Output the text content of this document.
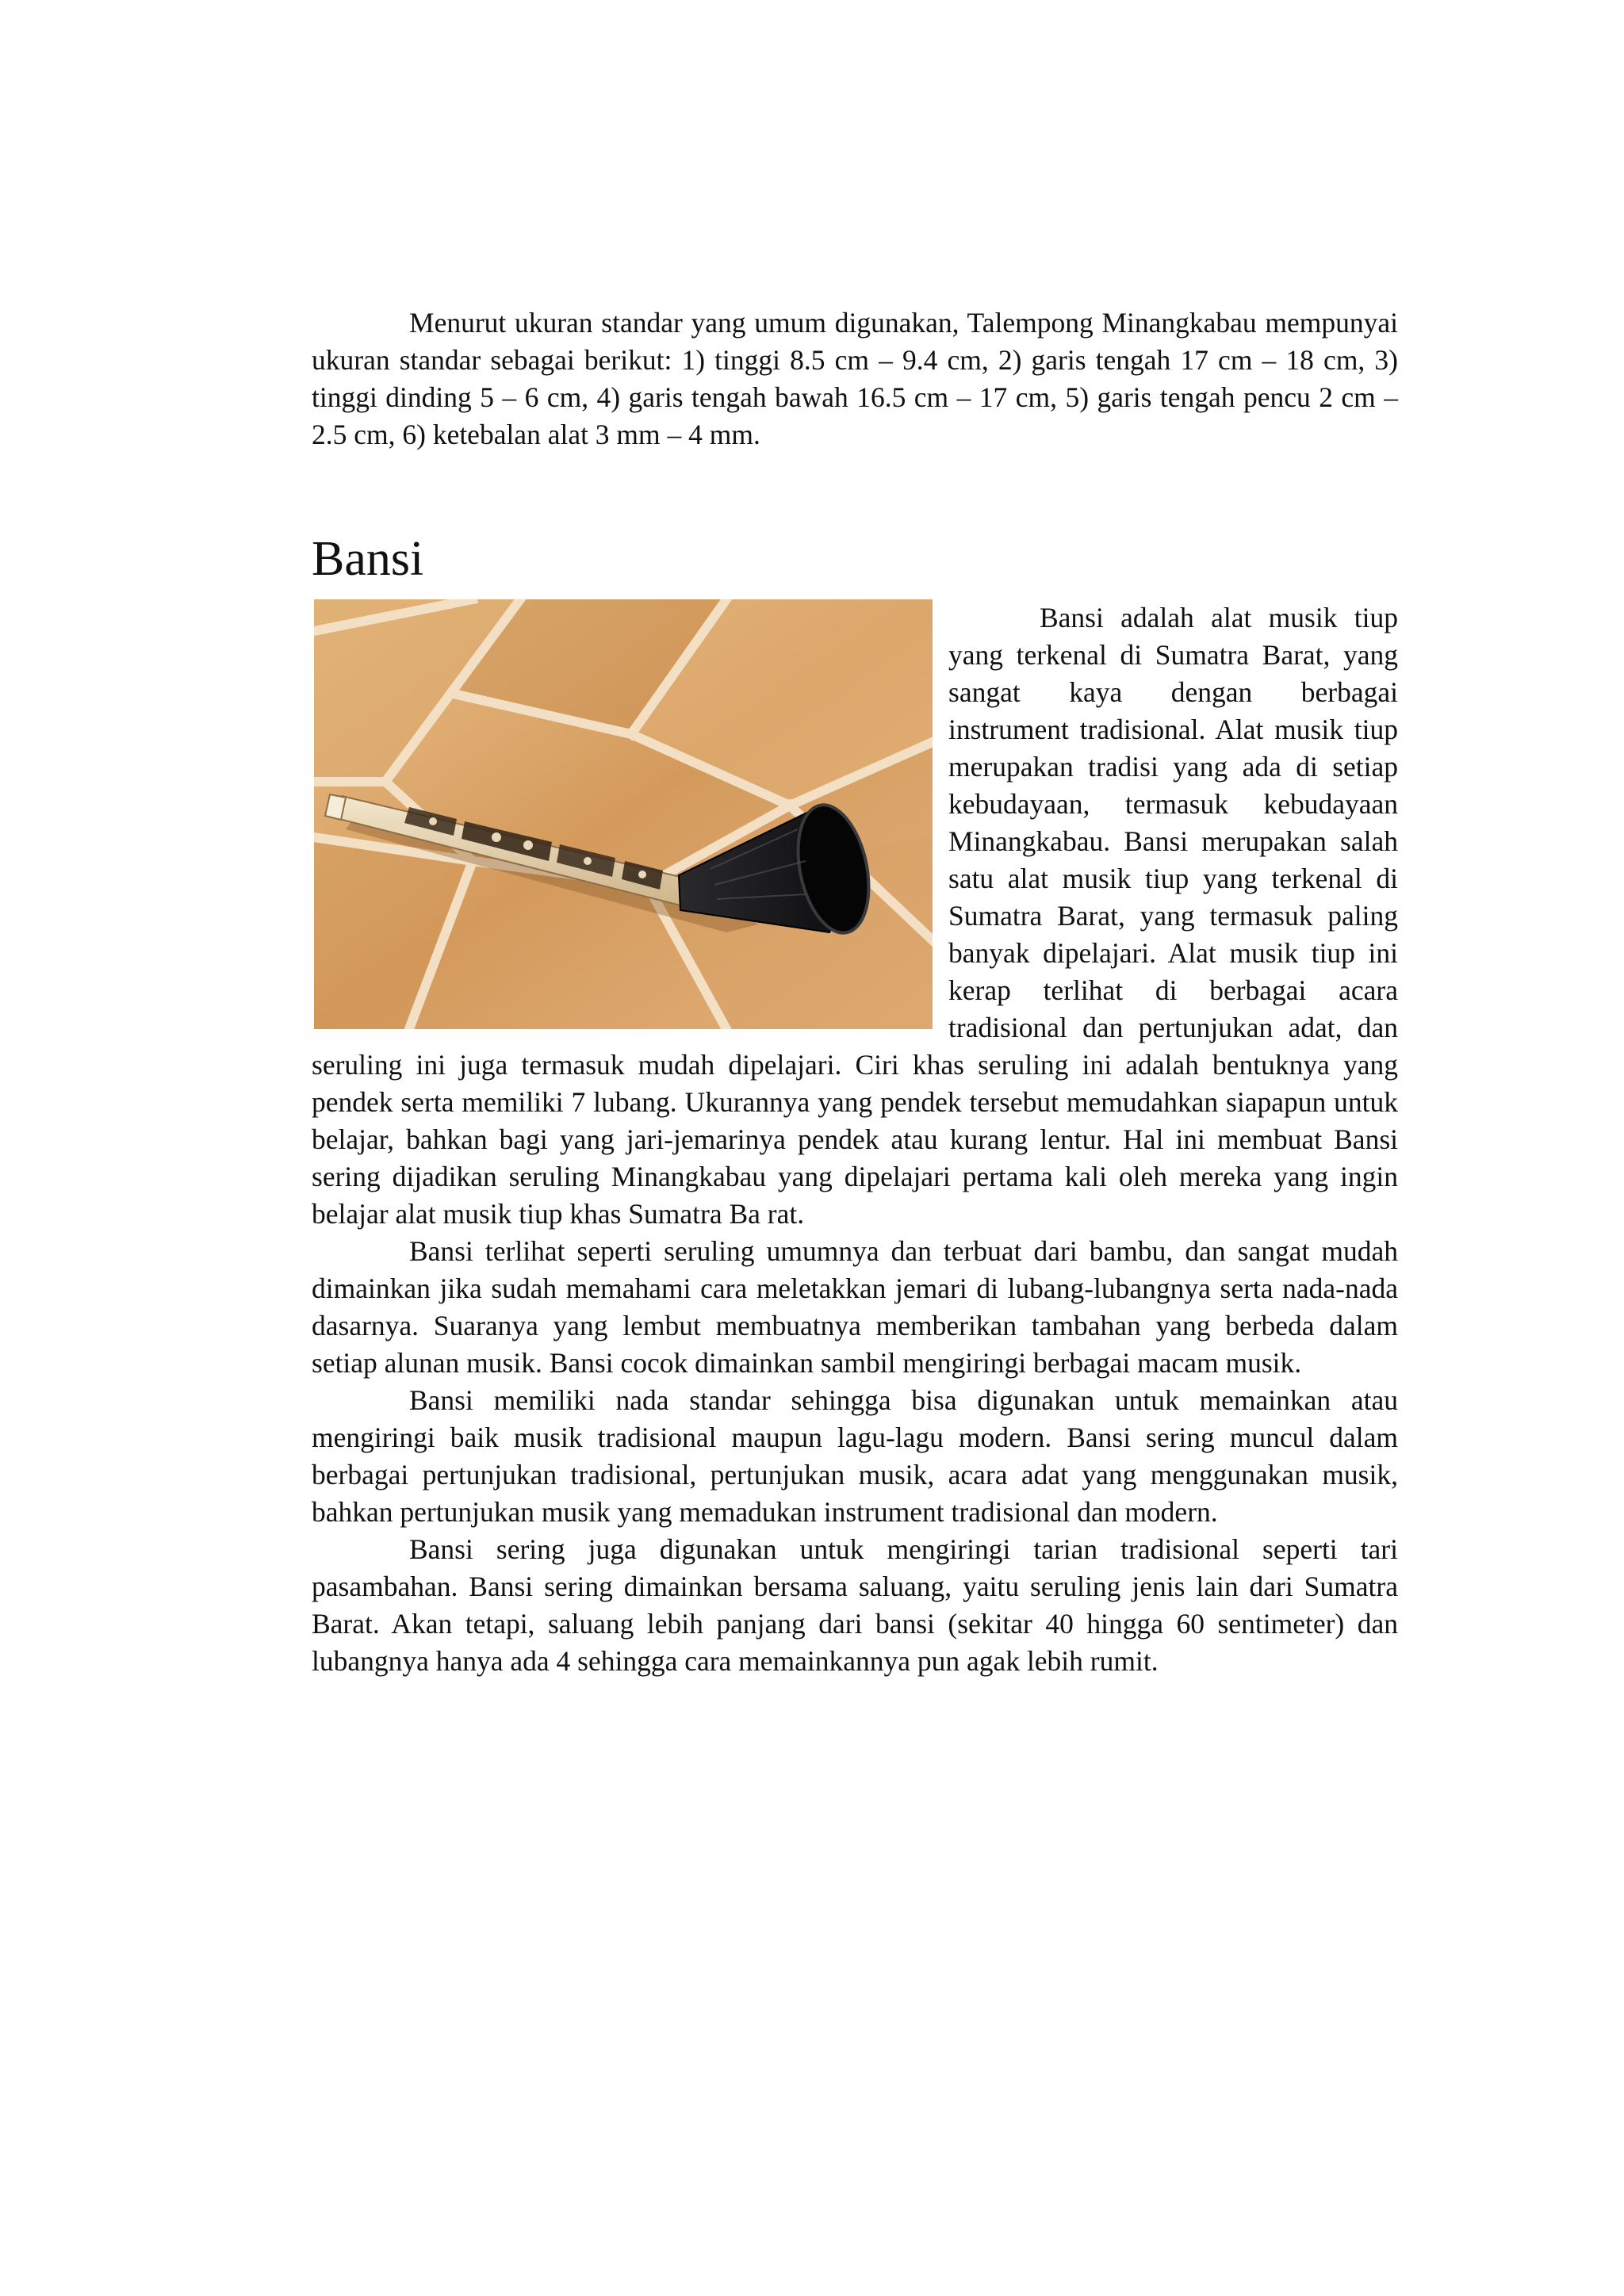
Menurut ukuran standar yang umum digunakan, Talempong Minangkabau mempunyai ukuran standar sebagai berikut: 1) tinggi 8.5 cm – 9.4 cm, 2) garis tengah 17 cm – 18 cm, 3) tinggi dinding 5 – 6 cm, 4) garis tengah bawah 16.5 cm – 17 cm, 5) garis tengah pencu 2 cm – 2.5 cm, 6) ketebalan alat 3 mm – 4 mm.

Bansi

Bansi adalah alat musik tiup yang terkenal di Sumatra Barat, yang sangat kaya dengan berbagai instrument tradisional. Alat musik tiup merupakan tradisi yang ada di setiap kebudayaan, termasuk kebudayaan Minangkabau. Bansi merupakan salah satu alat musik tiup yang terkenal di Sumatra Barat, yang termasuk paling banyak dipelajari. Alat musik tiup ini kerap terlihat di berbagai acara tradisional dan pertunjukan adat, dan seruling ini juga termasuk mudah dipelajari. Ciri khas seruling ini adalah bentuknya yang pendek serta memiliki 7 lubang. Ukurannya yang pendek tersebut memudahkan siapapun untuk belajar, bahkan bagi yang jari-jemarinya pendek atau kurang lentur. Hal ini membuat Bansi sering dijadikan seruling Minangkabau yang dipelajari pertama kali oleh mereka yang ingin belajar alat musik tiup khas Sumatra Ba rat.

Bansi terlihat seperti seruling umumnya dan terbuat dari bambu, dan sangat mudah dimainkan jika sudah memahami cara meletakkan jemari di lubang-lubangnya serta nada-nada dasarnya. Suaranya yang lembut membuatnya memberikan tambahan yang berbeda dalam setiap alunan musik. Bansi cocok dimainkan sambil mengiringi berbagai macam musik.

Bansi memiliki nada standar sehingga bisa digunakan untuk memainkan atau mengiringi baik musik tradisional maupun lagu-lagu modern. Bansi sering muncul dalam berbagai pertunjukan tradisional, pertunjukan musik, acara adat yang menggunakan musik, bahkan pertunjukan musik yang memadukan instrument tradisional dan modern.

Bansi sering juga digunakan untuk mengiringi tarian tradisional seperti tari pasambahan. Bansi sering dimainkan bersama saluang, yaitu seruling jenis lain dari Sumatra Barat. Akan tetapi, saluang lebih panjang dari bansi (sekitar 40 hingga 60 sentimeter) dan lubangnya hanya ada 4 sehingga cara memainkannya pun agak lebih rumit.
